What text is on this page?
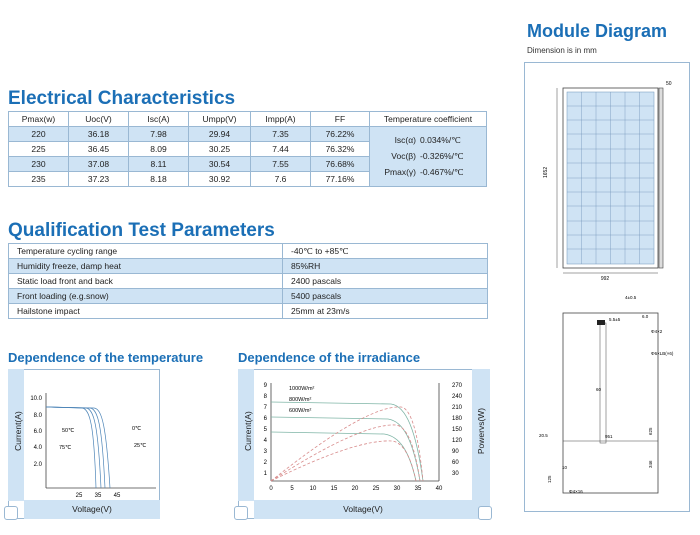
Electrical Characteristics
Qualification Test Parameters
Dependence of the temperature	Dependence of the irradiance
Module Diagram
Dimension is in mm
Pmax(w)	Uoc(V)	Isc(A)	Umpp(V)	Impp(A)	FF
220	36.18	7.98	29.94	7.35	76.22%
225	36.45	8.09	30.25	7.44	76.32%
230	37.08	8.11	30.54	7.55	76.68%
235	37.23	8.18	30.92	7.6	77.16%
Temperature coefficient
Isc(α) 0.034%/℃
Voc(β) -0.326%/℃
Pmax(γ) -0.467%/℃
Temperature cycling range	-40℃ to +85℃
Humidity freeze, damp heat	85%RH
Static load front and back	2400 pascals
Front loading (e.g.snow)	5400 pascals
Hailstone impact	25mm at 23m/s
Current(A)
Voltage(V)
10.0
8.0
6.0
4.0
2.0
25 35 45
50℃
75℃
0℃
25℃	Current(A)	Powervs(W)
Voltage(V)
9
8
7
6
5
4
3
2
1
270
240
210
180
150
120
90
60
30
0	5	10 15 20 25 30 35 40
1000W/m²
800W/m²
600W/m²
1652
992
50
4±0.5
5.5±5
Φ4×2
Φ6×LB(×6)
951
20.5
10
Φ4×16
60
625
346
125
6.0
